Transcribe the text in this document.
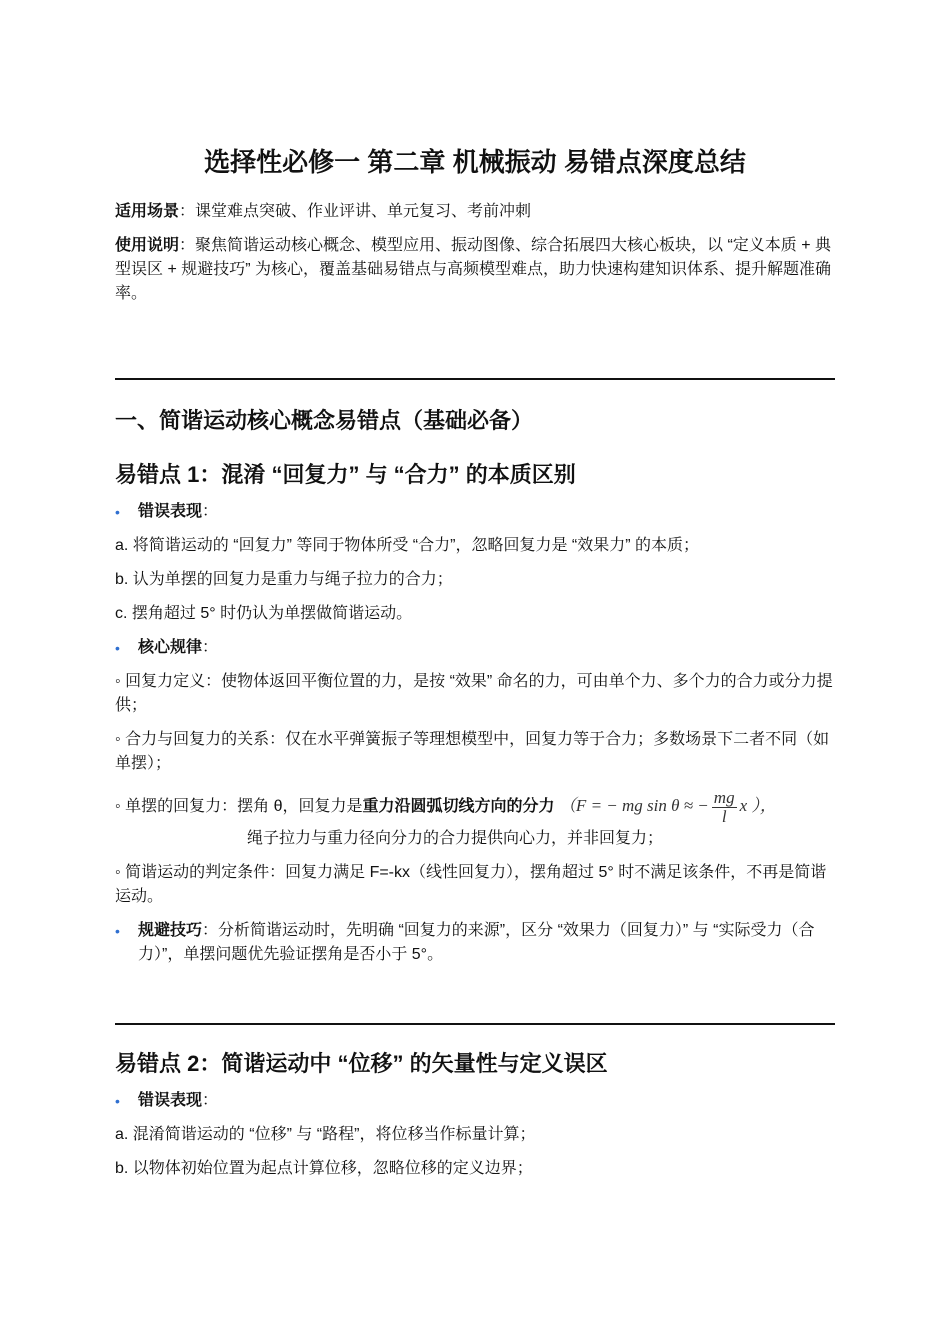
选择性必修一 第二章 机械振动 易错点深度总结

适用场景：课堂难点突破、作业评讲、单元复习、考前冲刺

使用说明：聚焦简谐运动核心概念、模型应用、振动图像、综合拓展四大核心板块，以 “定义本质 + 典型误区 + 规避技巧” 为核心，覆盖基础易错点与高频模型难点，助力快速构建知识体系、提升解题准确率。

一、简谐运动核心概念易错点（基础必备）
易错点 1：混淆 “回复力” 与 “合力” 的本质区别
• 错误表现：

a. 将简谐运动的 “回复力” 等同于物体所受 “合力”，忽略回复力是 “效果力” 的本质；

b. 认为单摆的回复力是重力与绳子拉力的合力；

c. 摆角超过 5° 时仍认为单摆做简谐运动。

• 核心规律：

◦ 回复力定义：使物体返回平衡位置的力，是按 “效果” 命名的力，可由单个力、多个力的合力或分力提供；

◦ 合力与回复力的关系：仅在水平弹簧振子等理想模型中，回复力等于合力；多数场景下二者不同（如单摆）；

◦ 单摆的回复力：摆角 θ，回复力是重力沿圆弧切线方向的分力 （F = − mg sin θ ≈ − $\frac{mg}{l}$ x ），

绳子拉力与重力径向分力的合力提供向心力，并非回复力；

◦ 简谐运动的判定条件：回复力满足 F=-kx（线性回复力），摆角超过 5° 时不满足该条件，不再是简谐运动。

• 规避技巧：分析简谐运动时，先明确 “回复力的来源”，区分 “效果力（回复力）” 与 “实际受力（合力）”，单摆问题优先验证摆角是否小于 5°。
易错点 2：简谐运动中 “位移” 的矢量性与定义误区
• 错误表现：

a. 混淆简谐运动的 “位移” 与 “路程”，将位移当作标量计算；

b. 以物体初始位置为起点计算位移，忽略位移的定义边界；
